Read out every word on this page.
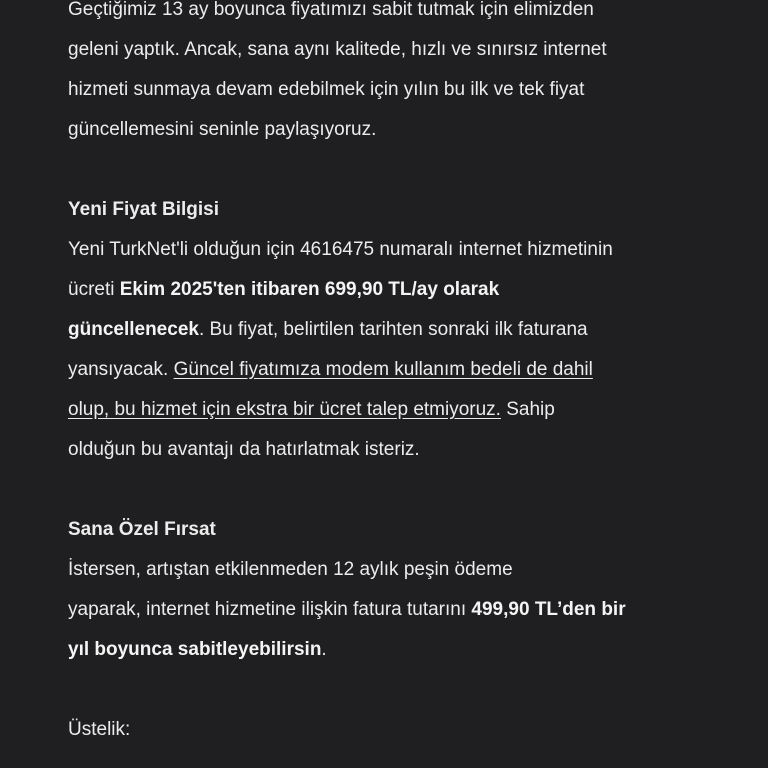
Geçtiğimiz 13 ay boyunca fiyatımızı sabit tutmak için elimizden
geleni yaptık. Ancak, sana aynı kalitede, hızlı ve sınırsız internet
hizmeti sunmaya devam edebilmek için yılın bu ilk ve tek fiyat
güncellemesini seninle paylaşıyoruz.
Yeni Fiyat Bilgisi
Yeni TurkNet'li olduğun için 4616475 numaralı internet hizmetinin
ücreti Ekim 2025'ten itibaren 699,90 TL/ay olarak
güncellenecek. Bu fiyat, belirtilen tarihten sonraki ilk faturana
yansıyacak. Güncel fiyatımıza modem kullanım bedeli de dahil
olup, bu hizmet için ekstra bir ücret talep etmiyoruz. Sahip
olduğun bu avantajı da hatırlatmak isteriz.
Sana Özel Fırsat
İstersen, artıştan etkilenmeden 12 aylık peşin ödeme
yaparak, internet hizmetine ilişkin fatura tutarını 499,90 TL’den bir
yıl boyunca sabitleyebilirsin.
Üstelik:
